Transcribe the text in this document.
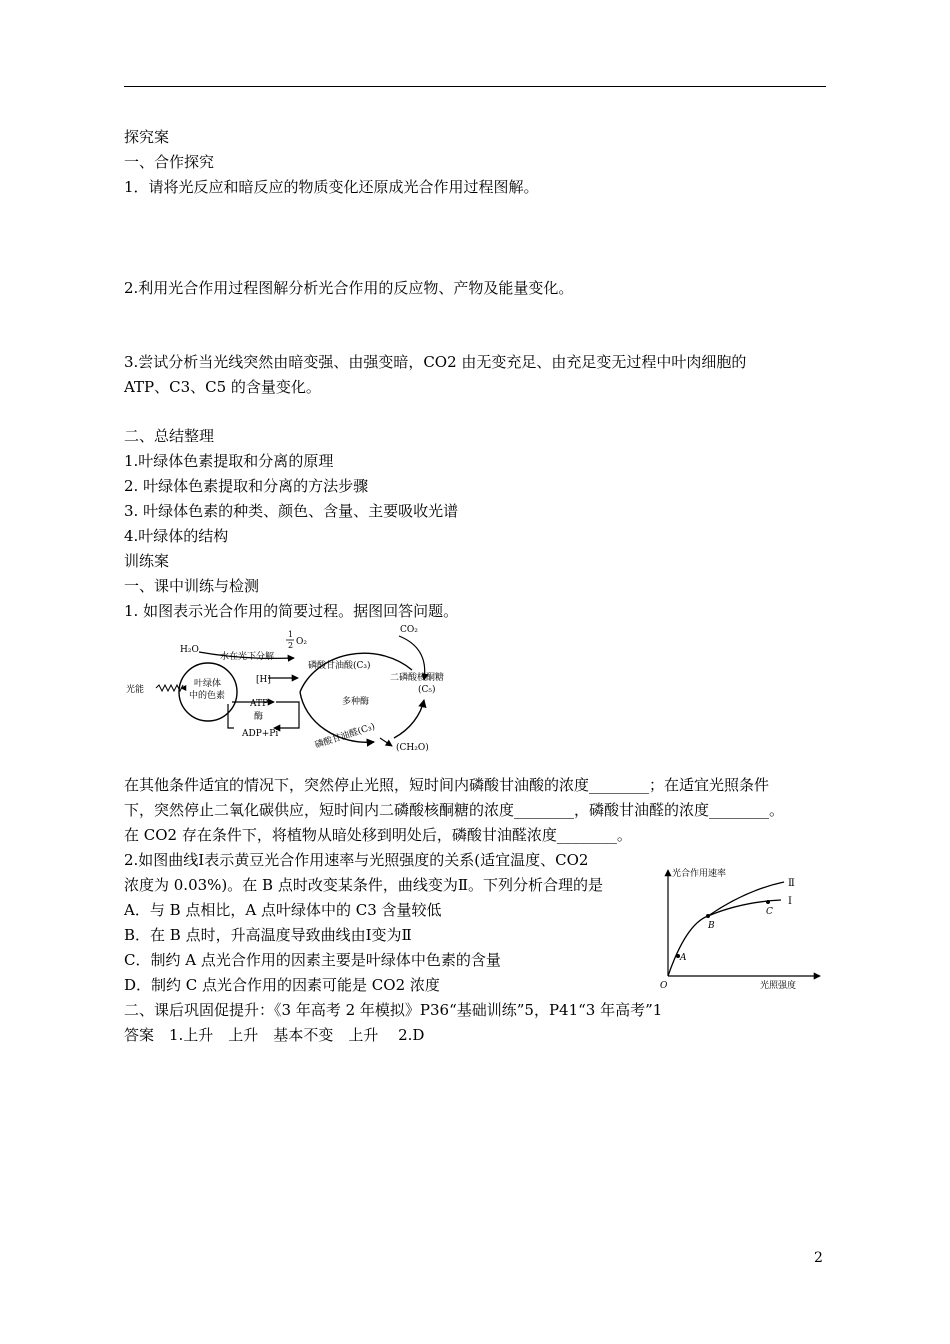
探究案
一、合作探究
1．请将光反应和暗反应的物质变化还原成光合作用过程图解。
2.利用光合作用过程图解分析光合作用的反应物、产物及能量变化。
3.尝试分析当光线突然由暗变强、由强变暗，CO2 由无变充足、由充足变无过程中叶肉细胞的
ATP、C3、C5 的含量变化。
二、总结整理
1.叶绿体色素提取和分离的原理
2. 叶绿体色素提取和分离的方法步骤
3. 叶绿体色素的种类、颜色、含量、主要吸收光谱
4.叶绿体的结构
训练案
一、课中训练与检测
1. 如图表示光合作用的简要过程。据图回答问题。
H₂O
水在光下分解
1
2 O₂
CO₂
光能
叶绿体
中的色素
[H]
ATP
酶
ADP+Pi
磷酸甘油酸(C₃)
二磷酸核酮糖
(C₅)
多种酶
磷酸甘油醛(C₃) (CH₂O)
在其他条件适宜的情况下，突然停止光照，短时间内磷酸甘油酸的浓度________；在适宜光照条件
下，突然停止二氧化碳供应，短时间内二磷酸核酮糖的浓度________，磷酸甘油醛的浓度________。
在 CO2 存在条件下，将植物从暗处移到明处后，磷酸甘油醛浓度________。
2.如图曲线Ⅰ表示黄豆光合作用速率与光照强度的关系(适宜温度、CO2
浓度为 0.03%)。在 B 点时改变某条件，曲线变为Ⅱ。下列分析合理的是
A．与 B 点相比，A 点叶绿体中的 C3 含量较低
B．在 B 点时，升高温度导致曲线由Ⅰ变为Ⅱ
C．制约 A 点光合作用的因素主要是叶绿体中色素的含量
D．制约 C 点光合作用的因素可能是 CO2 浓度
光合作用速率
光照强度
O
A
B
C
Ⅰ
Ⅱ
二、课后巩固促提升：《3 年高考 2 年模拟》P36“基础训练”5，P41“3 年高考”1
答案　1.上升　上升　基本不变　上升　 2.D
2
